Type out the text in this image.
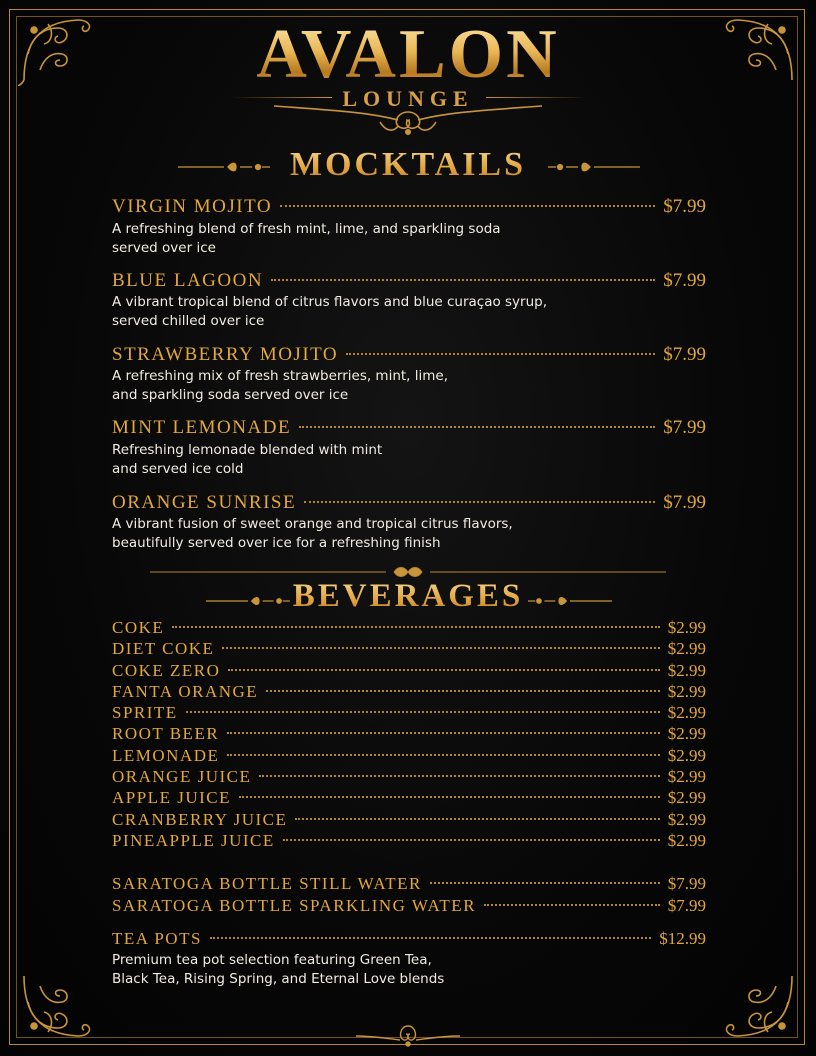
AVALON
LOUNGE
MOCKTAILS
VIRGIN MOJITO	$7.99
A refreshing blend of fresh mint, lime, and sparkling soda
served over ice
BLUE LAGOON	$7.99
A vibrant tropical blend of citrus flavors and blue curaçao syrup,
served chilled over ice
STRAWBERRY MOJITO	$7.99
A refreshing mix of fresh strawberries, mint, lime,
and sparkling soda served over ice
MINT LEMONADE	$7.99
Refreshing lemonade blended with mint
and served ice cold
ORANGE SUNRISE	$7.99
A vibrant fusion of sweet orange and tropical citrus flavors,
beautifully served over ice for a refreshing finish
BEVERAGES
COKE	$2.99
DIET COKE	$2.99
COKE ZERO	$2.99
FANTA ORANGE	$2.99
SPRITE	$2.99
ROOT BEER	$2.99
LEMONADE	$2.99
ORANGE JUICE	$2.99
APPLE JUICE	$2.99
CRANBERRY JUICE	$2.99
PINEAPPLE JUICE	$2.99
SARATOGA BOTTLE STILL WATER	$7.99
SARATOGA BOTTLE SPARKLING WATER	$7.99
TEA POTS	$12.99
Premium tea pot selection featuring Green Tea,
Black Tea, Rising Spring, and Eternal Love blends
